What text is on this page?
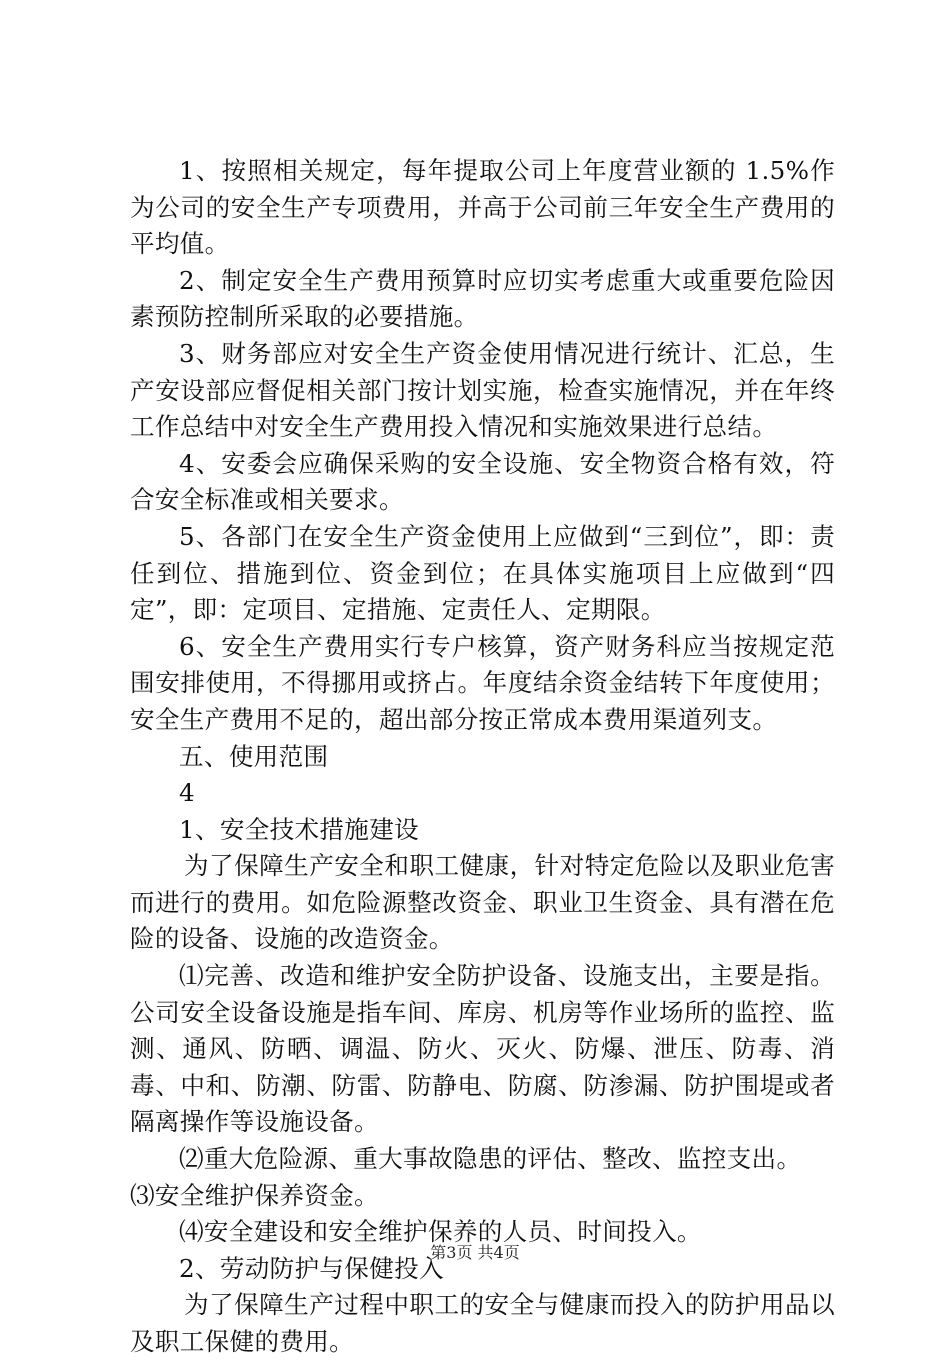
1、按照相关规定，每年提取公司上年度营业额的 1.5%作为公司的安全生产专项费用，并高于公司前三年安全生产费用的平均值。

2、制定安全生产费用预算时应切实考虑重大或重要危险因素预防控制所采取的必要措施。

3、财务部应对安全生产资金使用情况进行统计、汇总，生产安设部应督促相关部门按计划实施，检查实施情况，并在年终工作总结中对安全生产费用投入情况和实施效果进行总结。

4、安委会应确保采购的安全设施、安全物资合格有效，符合安全标准或相关要求。

5、各部门在安全生产资金使用上应做到“三到位”，即：责任到位、措施到位、资金到位；在具体实施项目上应做到“四定”，即：定项目、定措施、定责任人、定期限。

6、安全生产费用实行专户核算，资产财务科应当按规定范围安排使用，不得挪用或挤占。年度结余资金结转下年度使用；安全生产费用不足的，超出部分按正常成本费用渠道列支。

五、使用范围

4

1、安全技术措施建设

为了保障生产安全和职工健康，针对特定危险以及职业危害而进行的费用。如危险源整改资金、职业卫生资金、具有潜在危险的设备、设施的改造资金。

⑴完善、改造和维护安全防护设备、设施支出，主要是指。公司安全设备设施是指车间、库房、机房等作业场所的监控、监测、通风、防晒、调温、防火、灭火、防爆、泄压、防毒、消毒、中和、防潮、防雷、防静电、防腐、防渗漏、防护围堤或者隔离操作等设施设备。

⑵重大危险源、重大事故隐患的评估、整改、监控支出。

⑶安全维护保养资金。

⑷安全建设和安全维护保养的人员、时间投入。

2、劳动防护与保健投入

为了保障生产过程中职工的安全与健康而投入的防护用品以及职工保健的费用。

第3页 共4页
